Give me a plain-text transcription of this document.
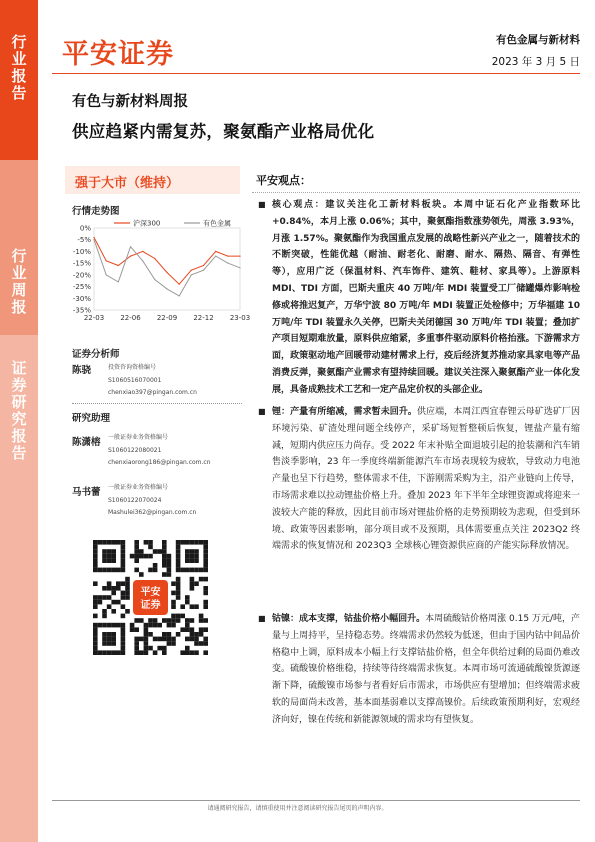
行业报告
行业周报
证券研究报告
平安证券	有色金属与新材料
2023 年 3 月 5 日
有色与新材料周报
供应趋紧内需复苏，聚氨酯产业格局优化
强于大市（维持）
行情走势图
0%
-5%
-10%
-15%
-20%
-25%
-30%
-35%
22-03 22-06 22-09 22-12 23-03
沪深300	有色金属
证券分析师
陈骁	投资咨询资格编号
S1060516070001
chenxiao397@pingan.com.cn
研究助理
陈潇榕 一般证券业务资格编号
S1060122080021
chenxiaorong186@pingan.com.cn
马书蕾 一般证券业务资格编号
S1060122070024
Mashulei362@pingan.com.cn
平安
证券
平安观点：
■ 核心观点：建议关注化工新材料板块。本周中证石化产业指数环比+0.84%，本月上涨 0.06%；其中，聚氨酯指数涨势领先，周涨 3.93%，月涨 1.57%。聚氨酯作为我国重点发展的战略性新兴产业之一，随着技术的不断突破，性能优越（耐油、耐老化、耐磨、耐水、隔热、隔音、有弹性等），应用广泛（保温材料、汽车饰件、建筑、鞋材、家具等）。上游原料 MDI、TDI 方面，巴斯夫重庆 40 万吨/年 MDI 装置受工厂储罐爆炸影响检修或将推迟复产，万华宁波 80 万吨/年 MDI 装置正处检修中；万华福建 10 万吨/年 TDI 装置永久关停，巴斯夫关闭德国 30 万吨/年 TDI 装置；叠加扩产项目短期难放量，原料供应缩紧，多重事件驱动原料价格抬涨。下游需求方面，政策驱动地产回暖带动建材需求上行，疫后经济复苏推动家具家电等产品消费反弹，聚氨酯产业需求有望持续回暖。建议关注深入聚氨酯产业一体化发展，具备成熟技术工艺和一定产品定价权的头部企业。
■ 锂：产量有所缩减，需求暂未回升。供应端，本周江西宜春锂云母矿选矿厂因环境污染、矿渣处理问题全线停产，采矿场短暂整顿后恢复，锂盐产量有缩减，短期内供应压力尚存。受 2022 年末补贴全面退坡引起的抢装潮和汽车销售淡季影响，23 年一季度终端新能源汽车市场表现较为疲软，导致动力电池产量也呈下行趋势，整体需求不佳，下游刚需采购为主，沿产业链向上传导，市场需求难以拉动锂盐价格上升。叠加 2023 年下半年全球锂资源或将迎来一波较大产能的释放，因此目前市场对锂盐价格的走势预期较为悲观，但受到环境、政策等因素影响，部分项目或不及预期，具体需要重点关注 2023Q2 终端需求的恢复情况和 2023Q3 全球核心锂资源供应商的产能实际释放情况。
■ 钴镍：成本支撑，钴盐价格小幅回升。本周硫酸钴价格周涨 0.15 万元/吨，产量与上周持平，呈持稳态势。终端需求仍然较为低迷，但由于国内钴中间品价格稳中上调，原料成本小幅上行支撑钴盐价格，但全年供给过剩的局面仍难改变。硫酸镍价格维稳，持续等待终端需求恢复。本周市场可流通硫酸镍货源逐渐下降，硫酸镍市场参与者看好后市需求，市场供应有望增加；但终端需求疲软的局面尚未改善，基本面基弱难以支撑高镍价。后续政策预期利好，宏观经济向好，镍在传统和新能源领域的需求均有望恢复。
请通阅研究报告，请慎重使用并注意阅读研究报告尾页的声明内容。
